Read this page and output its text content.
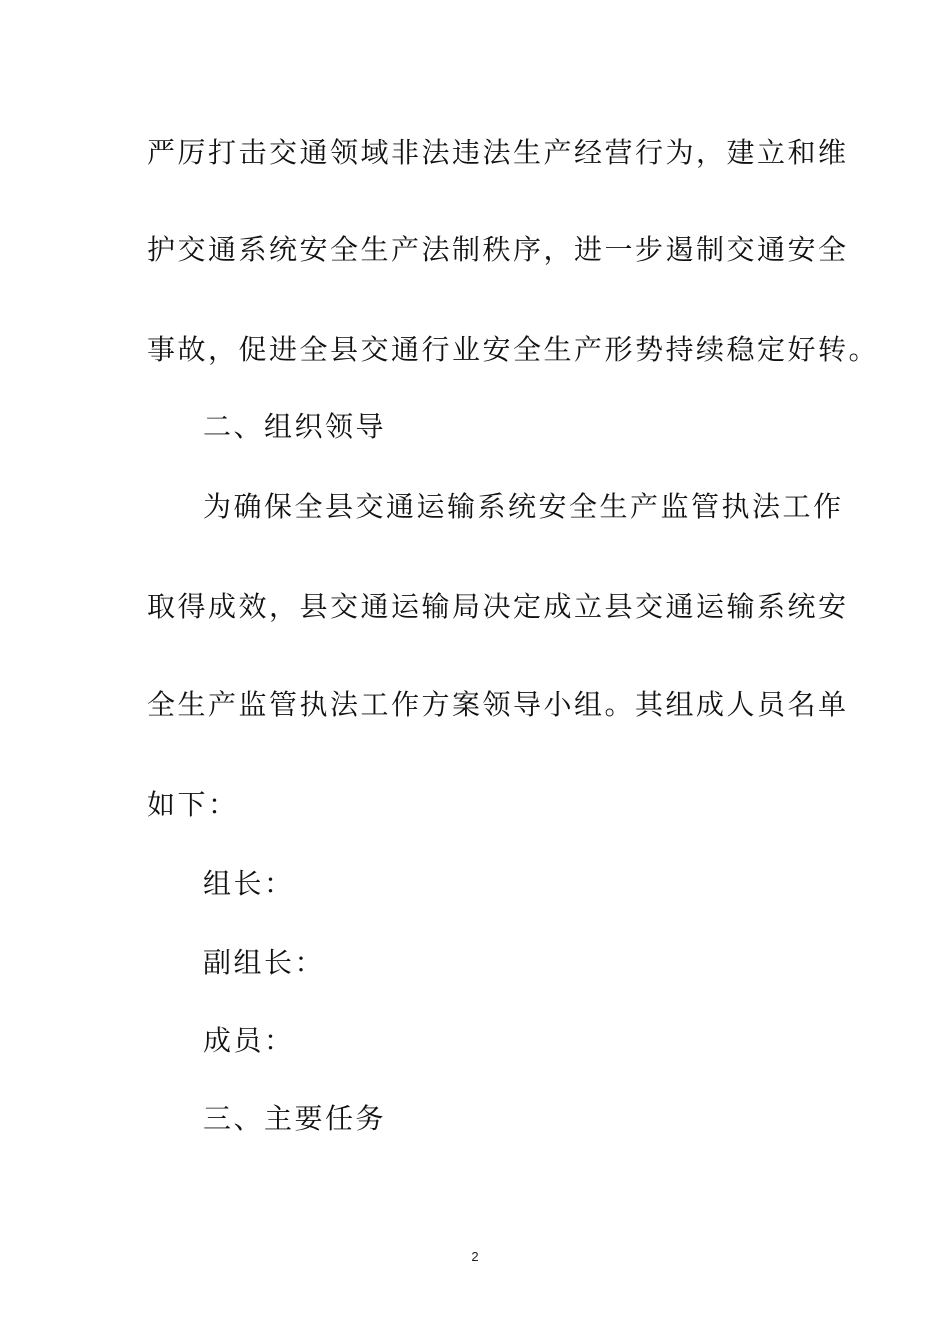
严厉打击交通领域非法违法生产经营行为，建立和维
护交通系统安全生产法制秩序，进一步遏制交通安全
事故，促进全县交通行业安全生产形势持续稳定好转。
二、组织领导
为确保全县交通运输系统安全生产监管执法工作
取得成效，县交通运输局决定成立县交通运输系统安
全生产监管执法工作方案领导小组。其组成人员名单
如下：
组长：
副组长：
成员：
三、主要任务
2
